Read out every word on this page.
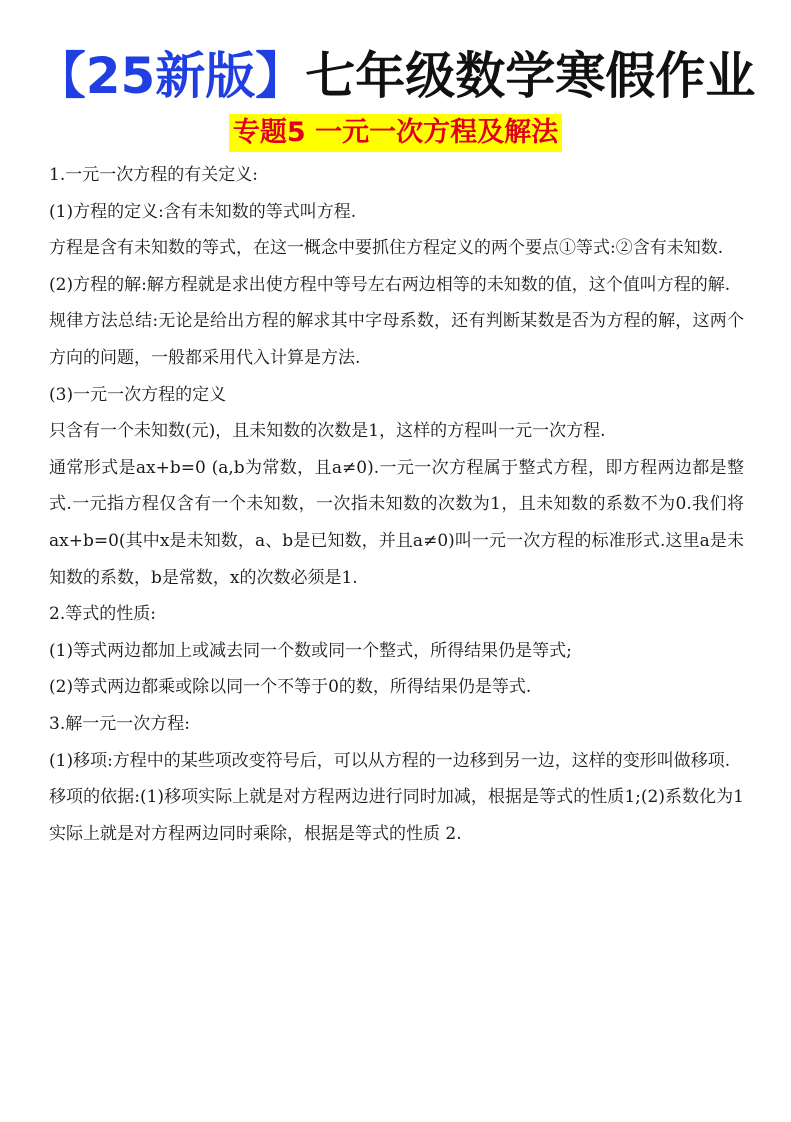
【25新版】七年级数学寒假作业
专题5 一元一次方程及解法

1.一元一次方程的有关定义:

(1)方程的定义:含有未知数的等式叫方程.

方程是含有未知数的等式，在这一概念中要抓住方程定义的两个要点①等式:②含有未知数.

(2)方程的解:解方程就是求出使方程中等号左右两边相等的未知数的值，这个值叫方程的解.

规律方法总结:无论是给出方程的解求其中字母系数，还有判断某数是否为方程的解，这两个方向的问题，一般都采用代入计算是方法.

(3)一元一次方程的定义

只含有一个未知数(元)，且未知数的次数是1，这样的方程叫一元一次方程.

通常形式是ax+b=0 (a,b为常数，且a≠0).一元一次方程属于整式方程，即方程两边都是整式.一元指方程仅含有一个未知数，一次指未知数的次数为1，且未知数的系数不为0.我们将ax+b=0(其中x是未知数，a、b是已知数，并且a≠0)叫一元一次方程的标准形式.这里a是未知数的系数，b是常数，x的次数必须是1.

2.等式的性质:

(1)等式两边都加上或减去同一个数或同一个整式，所得结果仍是等式;

(2)等式两边都乘或除以同一个不等于0的数，所得结果仍是等式.

3.解一元一次方程:

(1)移项:方程中的某些项改变符号后，可以从方程的一边移到另一边，这样的变形叫做移项.

移项的依据:(1)移项实际上就是对方程两边进行同时加减，根据是等式的性质1;(2)系数化为1实际上就是对方程两边同时乘除，根据是等式的性质 2.
